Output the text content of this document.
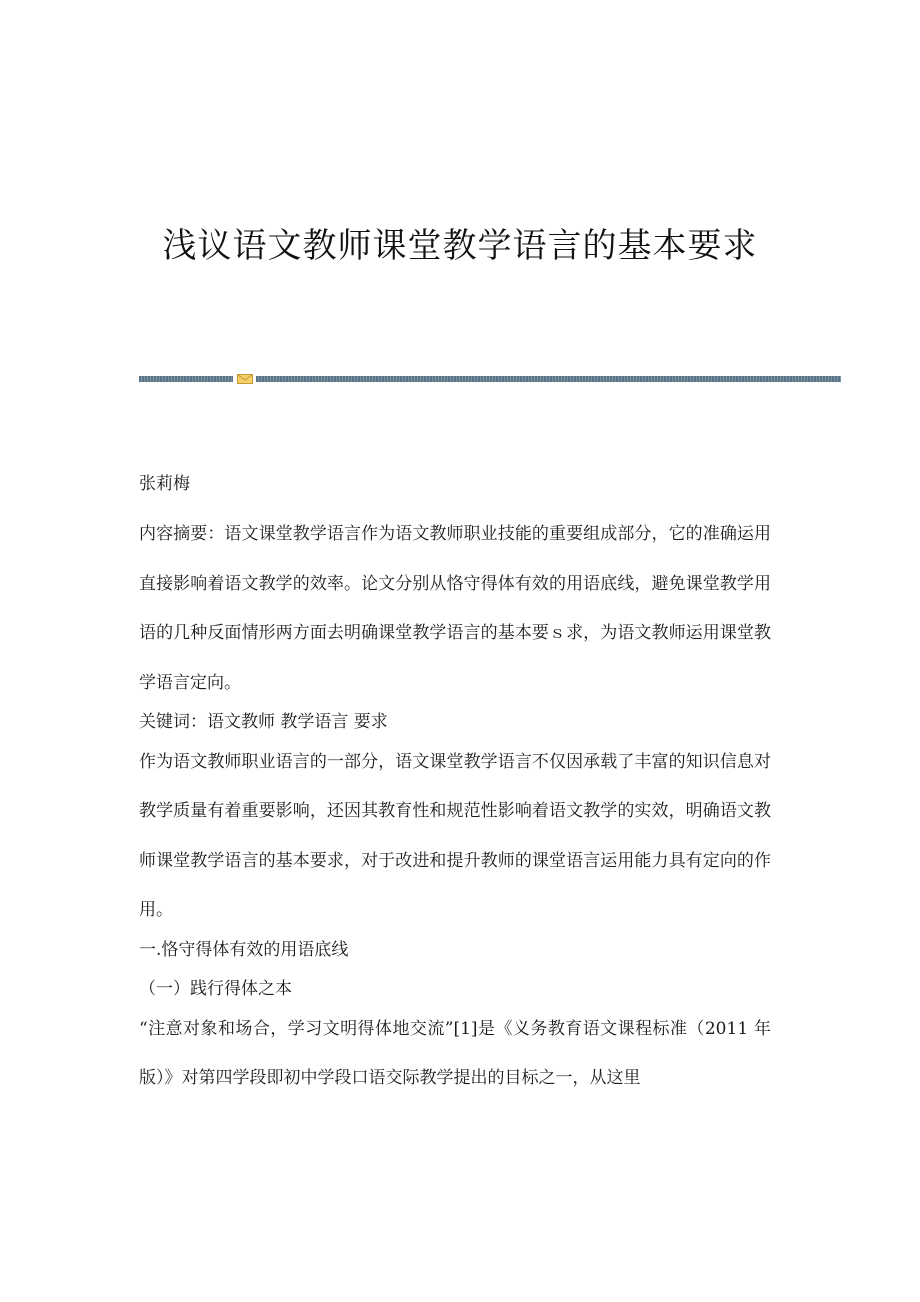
浅议语文教师课堂教学语言的基本要求

张莉梅

内容摘要：语文课堂教学语言作为语文教师职业技能的重要组成部分，它的准确运用直接影响着语文教学的效率。论文分别从恪守得体有效的用语底线，避免课堂教学用语的几种反面情形两方面去明确课堂教学语言的基本要ｓ求，为语文教师运用课堂教学语言定向。

关键词：语文教师 教学语言 要求

作为语文教师职业语言的一部分，语文课堂教学语言不仅因承载了丰富的知识信息对教学质量有着重要影响，还因其教育性和规范性影响着语文教学的实效，明确语文教师课堂教学语言的基本要求，对于改进和提升教师的课堂语言运用能力具有定向的作用。

一.恪守得体有效的用语底线

（一）践行得体之本

“注意对象和场合，学习文明得体地交流”[1]是《义务教育语文课程标准（2011 年版）》对第四学段即初中学段口语交际教学提出的目标之一，从这里
